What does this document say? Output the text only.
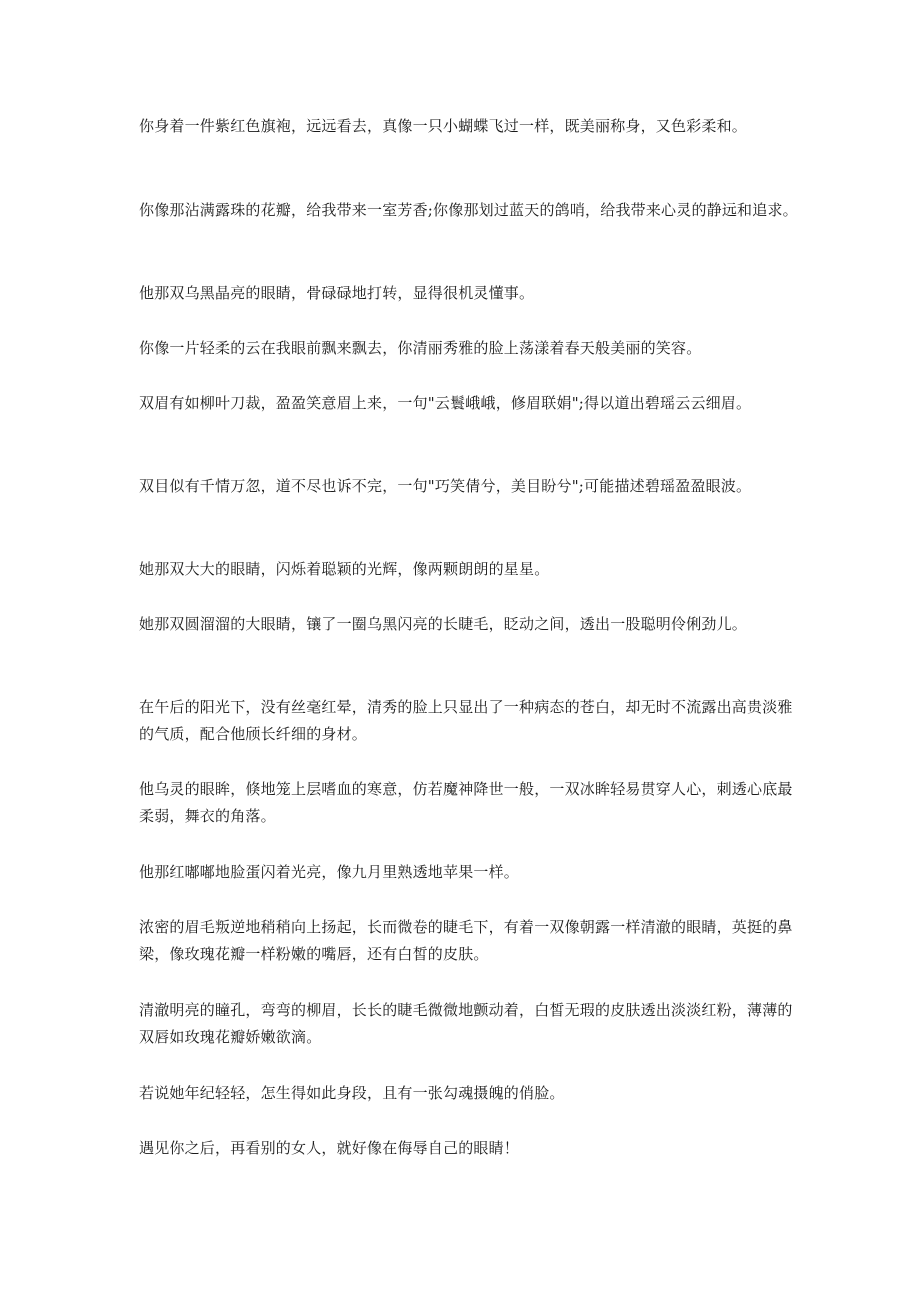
你身着一件紫红色旗袍，远远看去，真像一只小蝴蝶飞过一样，既美丽称身，又色彩柔和。

你像那沾满露珠的花瓣，给我带来一室芳香;你像那划过蓝天的鸽哨，给我带来心灵的静远和追求。

他那双乌黑晶亮的眼睛，骨碌碌地打转，显得很机灵懂事。

你像一片轻柔的云在我眼前飘来飘去，你清丽秀雅的脸上荡漾着春天般美丽的笑容。

双眉有如柳叶刀裁，盈盈笑意眉上来，一句"云鬟峨峨，修眉联娟";得以道出碧瑶云云细眉。

双目似有千情万忽，道不尽也诉不完，一句"巧笑倩兮，美目盼兮";可能描述碧瑶盈盈眼波。

她那双大大的眼睛，闪烁着聪颖的光辉，像两颗朗朗的星星。

她那双圆溜溜的大眼睛，镶了一圈乌黑闪亮的长睫毛，眨动之间，透出一股聪明伶俐劲儿。

在午后的阳光下，没有丝毫红晕，清秀的脸上只显出了一种病态的苍白，却无时不流露出高贵淡雅的气质，配合他颀长纤细的身材。

他乌灵的眼眸，倏地笼上层嗜血的寒意，仿若魔神降世一般，一双冰眸轻易贯穿人心，刺透心底最柔弱，舞衣的角落。

他那红嘟嘟地脸蛋闪着光亮，像九月里熟透地苹果一样。

浓密的眉毛叛逆地稍稍向上扬起，长而微卷的睫毛下，有着一双像朝露一样清澈的眼睛，英挺的鼻梁，像玫瑰花瓣一样粉嫩的嘴唇，还有白皙的皮肤。

清澈明亮的瞳孔，弯弯的柳眉，长长的睫毛微微地颤动着，白皙无瑕的皮肤透出淡淡红粉，薄薄的双唇如玫瑰花瓣娇嫩欲滴。

若说她年纪轻轻，怎生得如此身段，且有一张勾魂摄魄的俏脸。

遇见你之后，再看别的女人，就好像在侮辱自己的眼睛！
